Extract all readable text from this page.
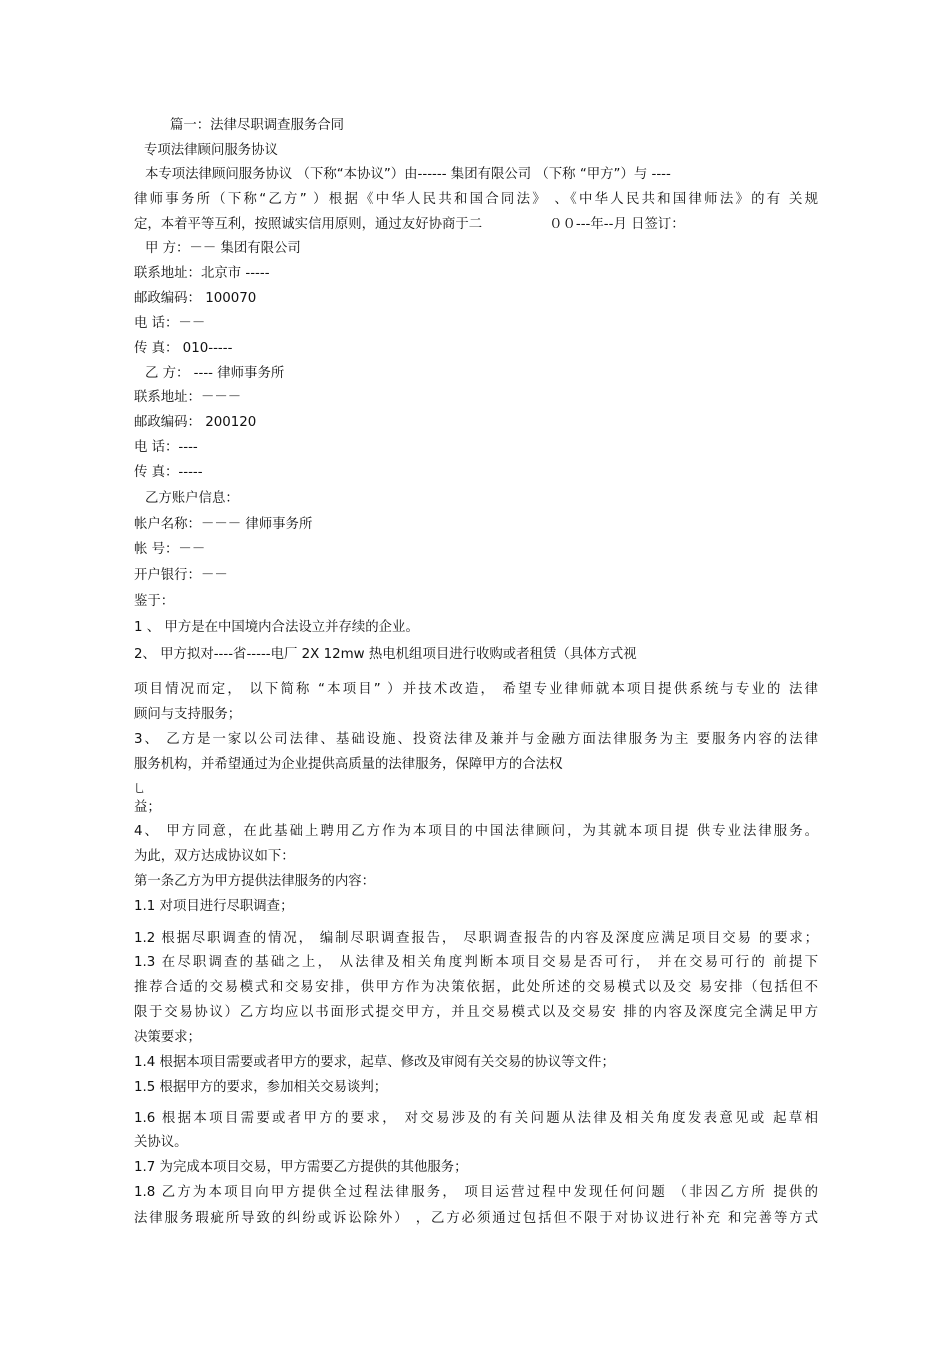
篇一：法律尽职调查服务合同

专项法律顾问服务协议

本专项法律顾问服务协议 （下称“本协议”）由------ 集团有限公司 （下称 “甲方”）与 ----

律师事务所（下称“乙方” ）根据《中华人民共和国合同法》 、《中华人民共和国律师法》的有 关规

定，本着平等互利，按照诚实信用原则，通过友好协商于二　　　　　００---年--月 日签订：

甲 方：－－ 集团有限公司

联系地址：北京市 -----

邮政编码： 100070

电 话：－－

传 真： 010-----

乙 方： ---- 律师事务所

联系地址：－－－

邮政编码： 200120

电 话：----

传 真：-----

乙方账户信息：

帐户名称：－－－ 律师事务所

帐 号：－－

开户银行：－－

鉴于：

1 、 甲方是在中国境内合法设立并存续的企业。

2、 甲方拟对----省-----电厂 2X 12mw 热电机组项目进行收购或者租赁（具体方式视

项目情况而定， 以下简称 “本项目” ）并技术改造， 希望专业律师就本项目提供系统与专业的 法律

顾问与支持服务；

3、 乙方是一家以公司法律、基础设施、投资法律及兼并与金融方面法律服务为主 要服务内容的法律

服务机构，并希望通过为企业提供高质量的法律服务，保障甲方的合法权

乚

益；

4、 甲方同意，在此基础上聘用乙方作为本项目的中国法律顾问，为其就本项目提 供专业法律服务。

为此，双方达成协议如下：

第一条乙方为甲方提供法律服务的内容：

1.1 对项目进行尽职调查；

1.2 根据尽职调查的情况， 编制尽职调查报告， 尽职调查报告的内容及深度应满足项目交易 的要求；

1.3 在尽职调查的基础之上， 从法律及相关角度判断本项目交易是否可行， 并在交易可行的 前提下

推荐合适的交易模式和交易安排，供甲方作为决策依据，此处所述的交易模式以及交 易安排（包括但不

限于交易协议）乙方均应以书面形式提交甲方，并且交易模式以及交易安 排的内容及深度完全满足甲方

决策要求；

1.4 根据本项目需要或者甲方的要求，起草、修改及审阅有关交易的协议等文件；

1.5 根据甲方的要求，参加相关交易谈判；

1.6 根据本项目需要或者甲方的要求， 对交易涉及的有关问题从法律及相关角度发表意见或 起草相

关协议。

1.7 为完成本项目交易，甲方需要乙方提供的其他服务；

1.8 乙方为本项目向甲方提供全过程法律服务， 项目运营过程中发现任何问题 （非因乙方所 提供的

法律服务瑕疵所导致的纠纷或诉讼除外） ，乙方必须通过包括但不限于对协议进行补充 和完善等方式
